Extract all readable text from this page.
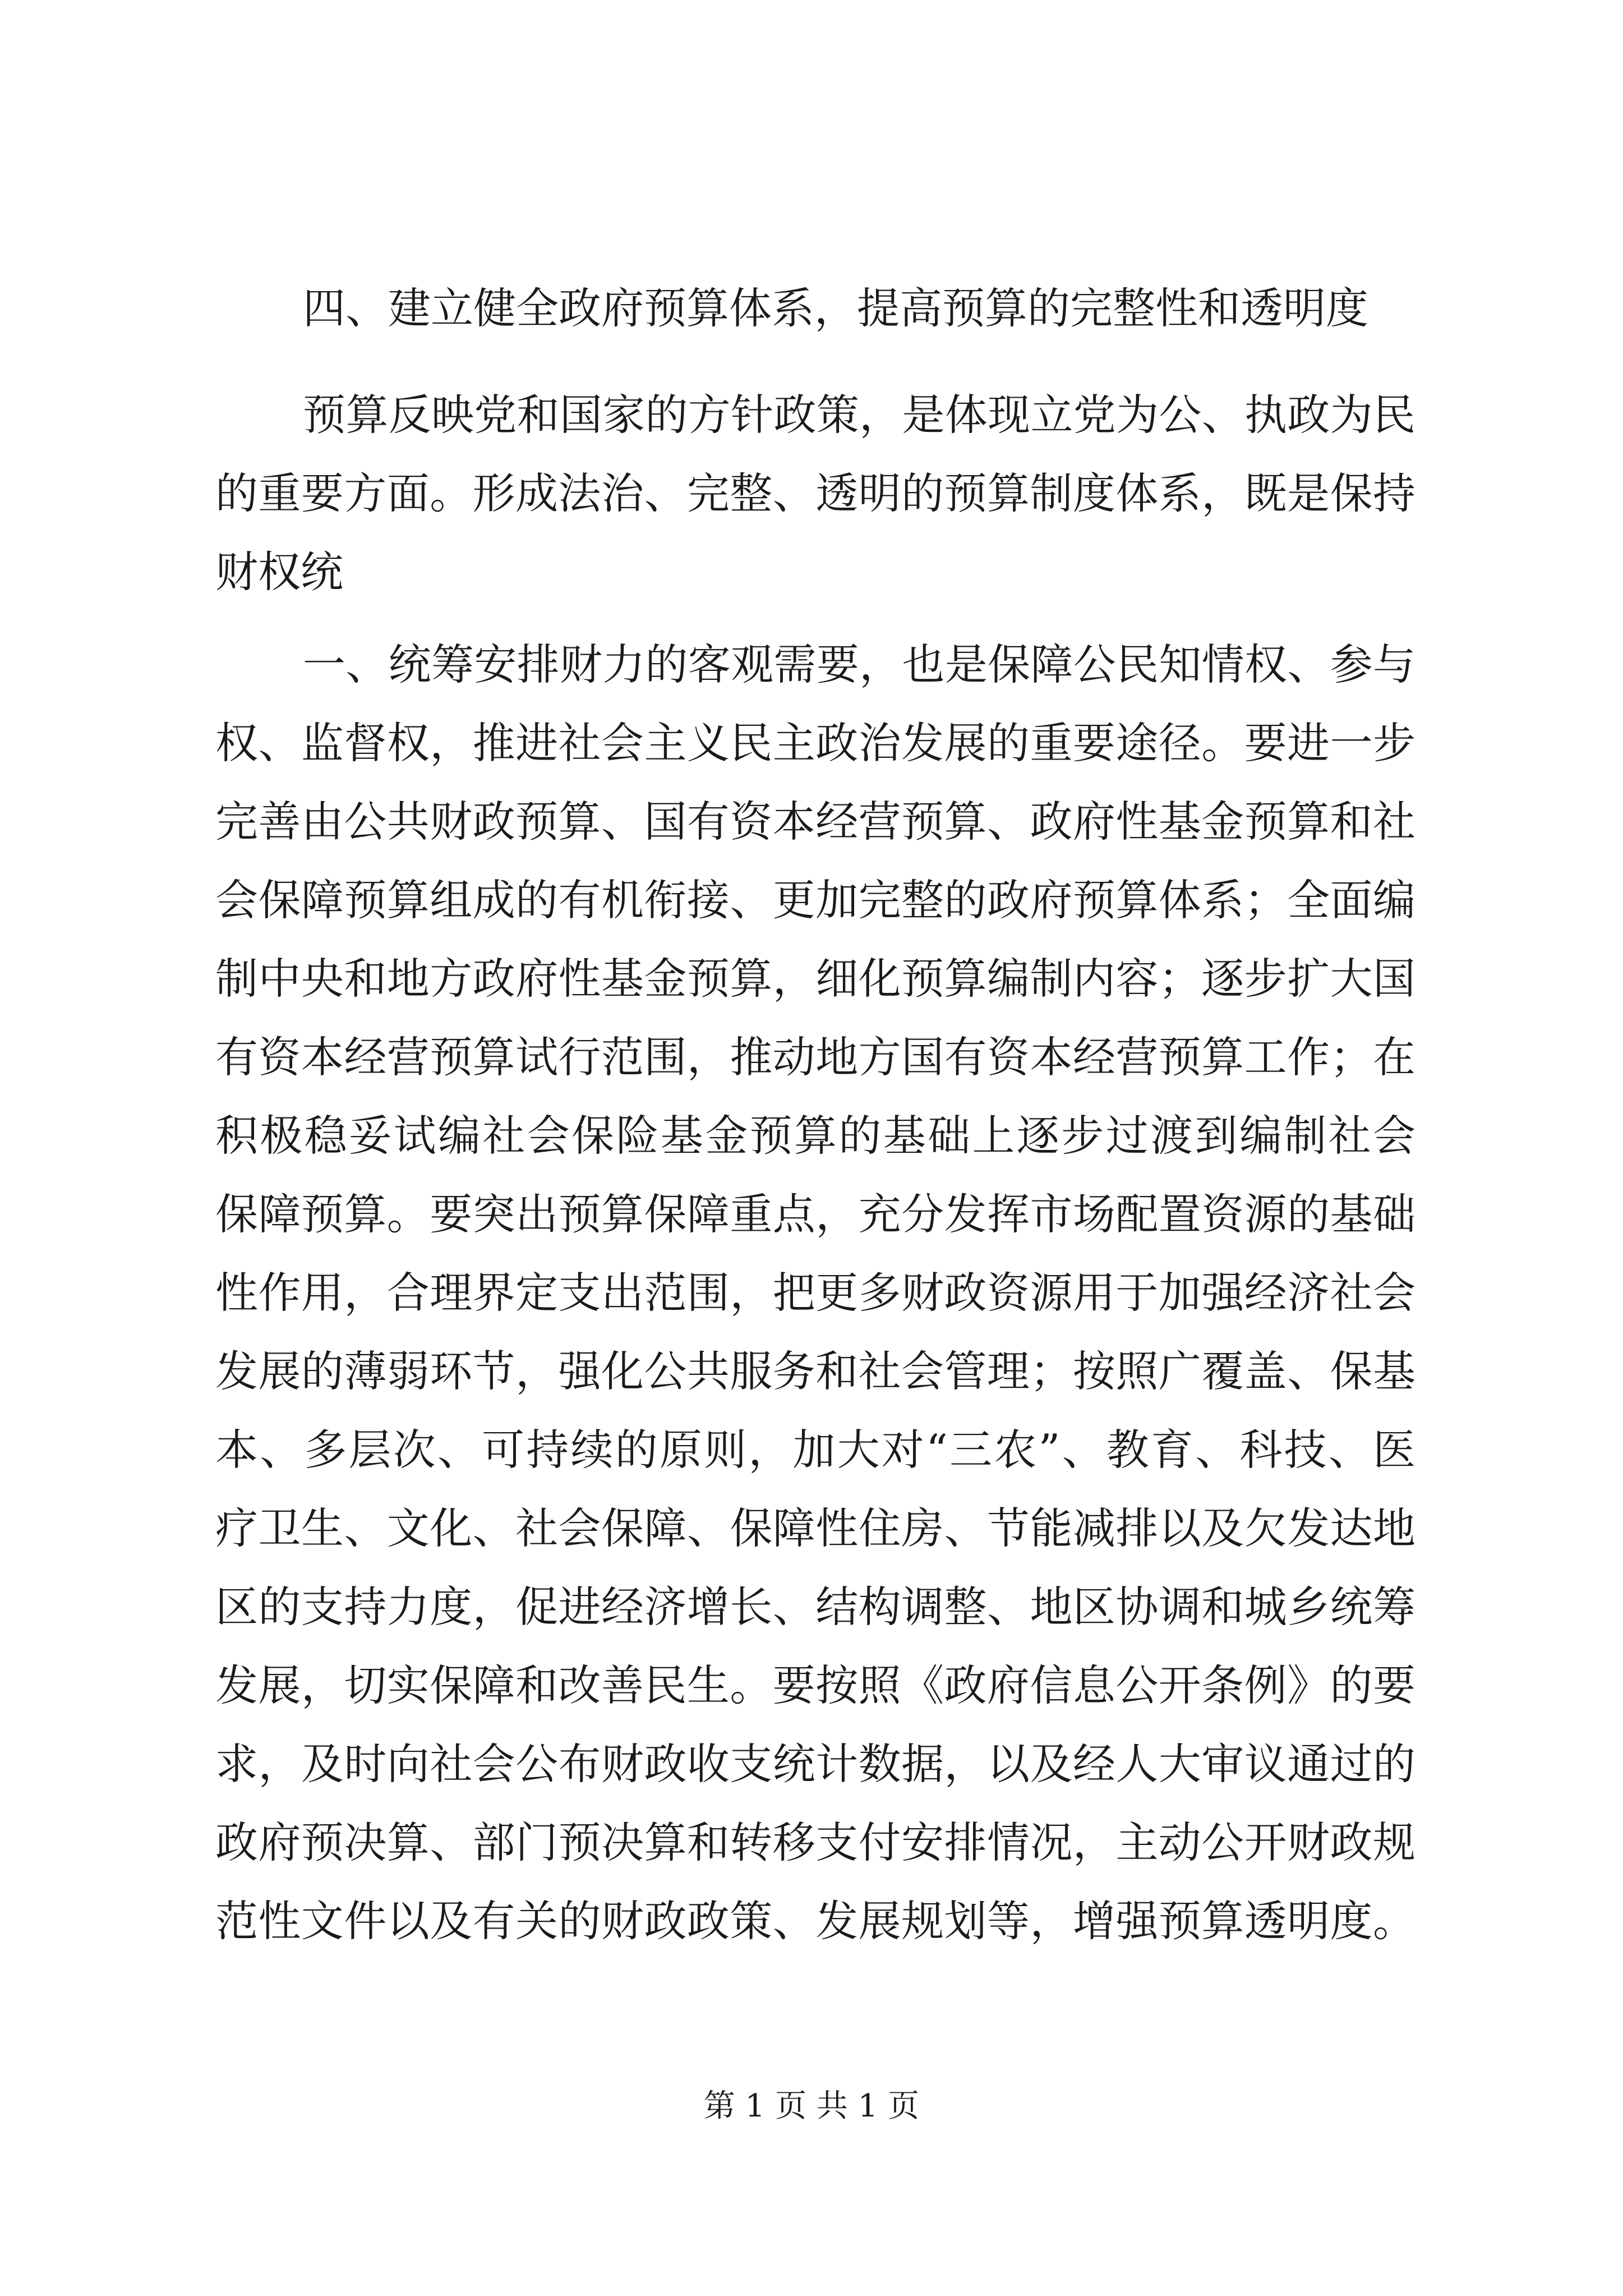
四、建立健全政府预算体系，提高预算的完整性和透明度
预算反映党和国家的方针政策，是体现立党为公、执政为民
的重要方面。形成法治、完整、透明的预算制度体系，既是保持
财权统
一、统筹安排财力的客观需要，也是保障公民知情权、参与
权、监督权，推进社会主义民主政治发展的重要途径。要进一步
完善由公共财政预算、国有资本经营预算、政府性基金预算和社
会保障预算组成的有机衔接、更加完整的政府预算体系；全面编
制中央和地方政府性基金预算，细化预算编制内容；逐步扩大国
有资本经营预算试行范围，推动地方国有资本经营预算工作；在
积极稳妥试编社会保险基金预算的基础上逐步过渡到编制社会
保障预算。要突出预算保障重点，充分发挥市场配置资源的基础
性作用，合理界定支出范围，把更多财政资源用于加强经济社会
发展的薄弱环节，强化公共服务和社会管理；按照广覆盖、保基
本、多层次、可持续的原则，加大对“三农”、教育、科技、医
疗卫生、文化、社会保障、保障性住房、节能减排以及欠发达地
区的支持力度，促进经济增长、结构调整、地区协调和城乡统筹
发展，切实保障和改善民生。要按照《政府信息公开条例》的要
求，及时向社会公布财政收支统计数据，以及经人大审议通过的
政府预决算、部门预决算和转移支付安排情况，主动公开财政规
范性文件以及有关的财政政策、发展规划等，增强预算透明度。
第 1 页 共 1 页
